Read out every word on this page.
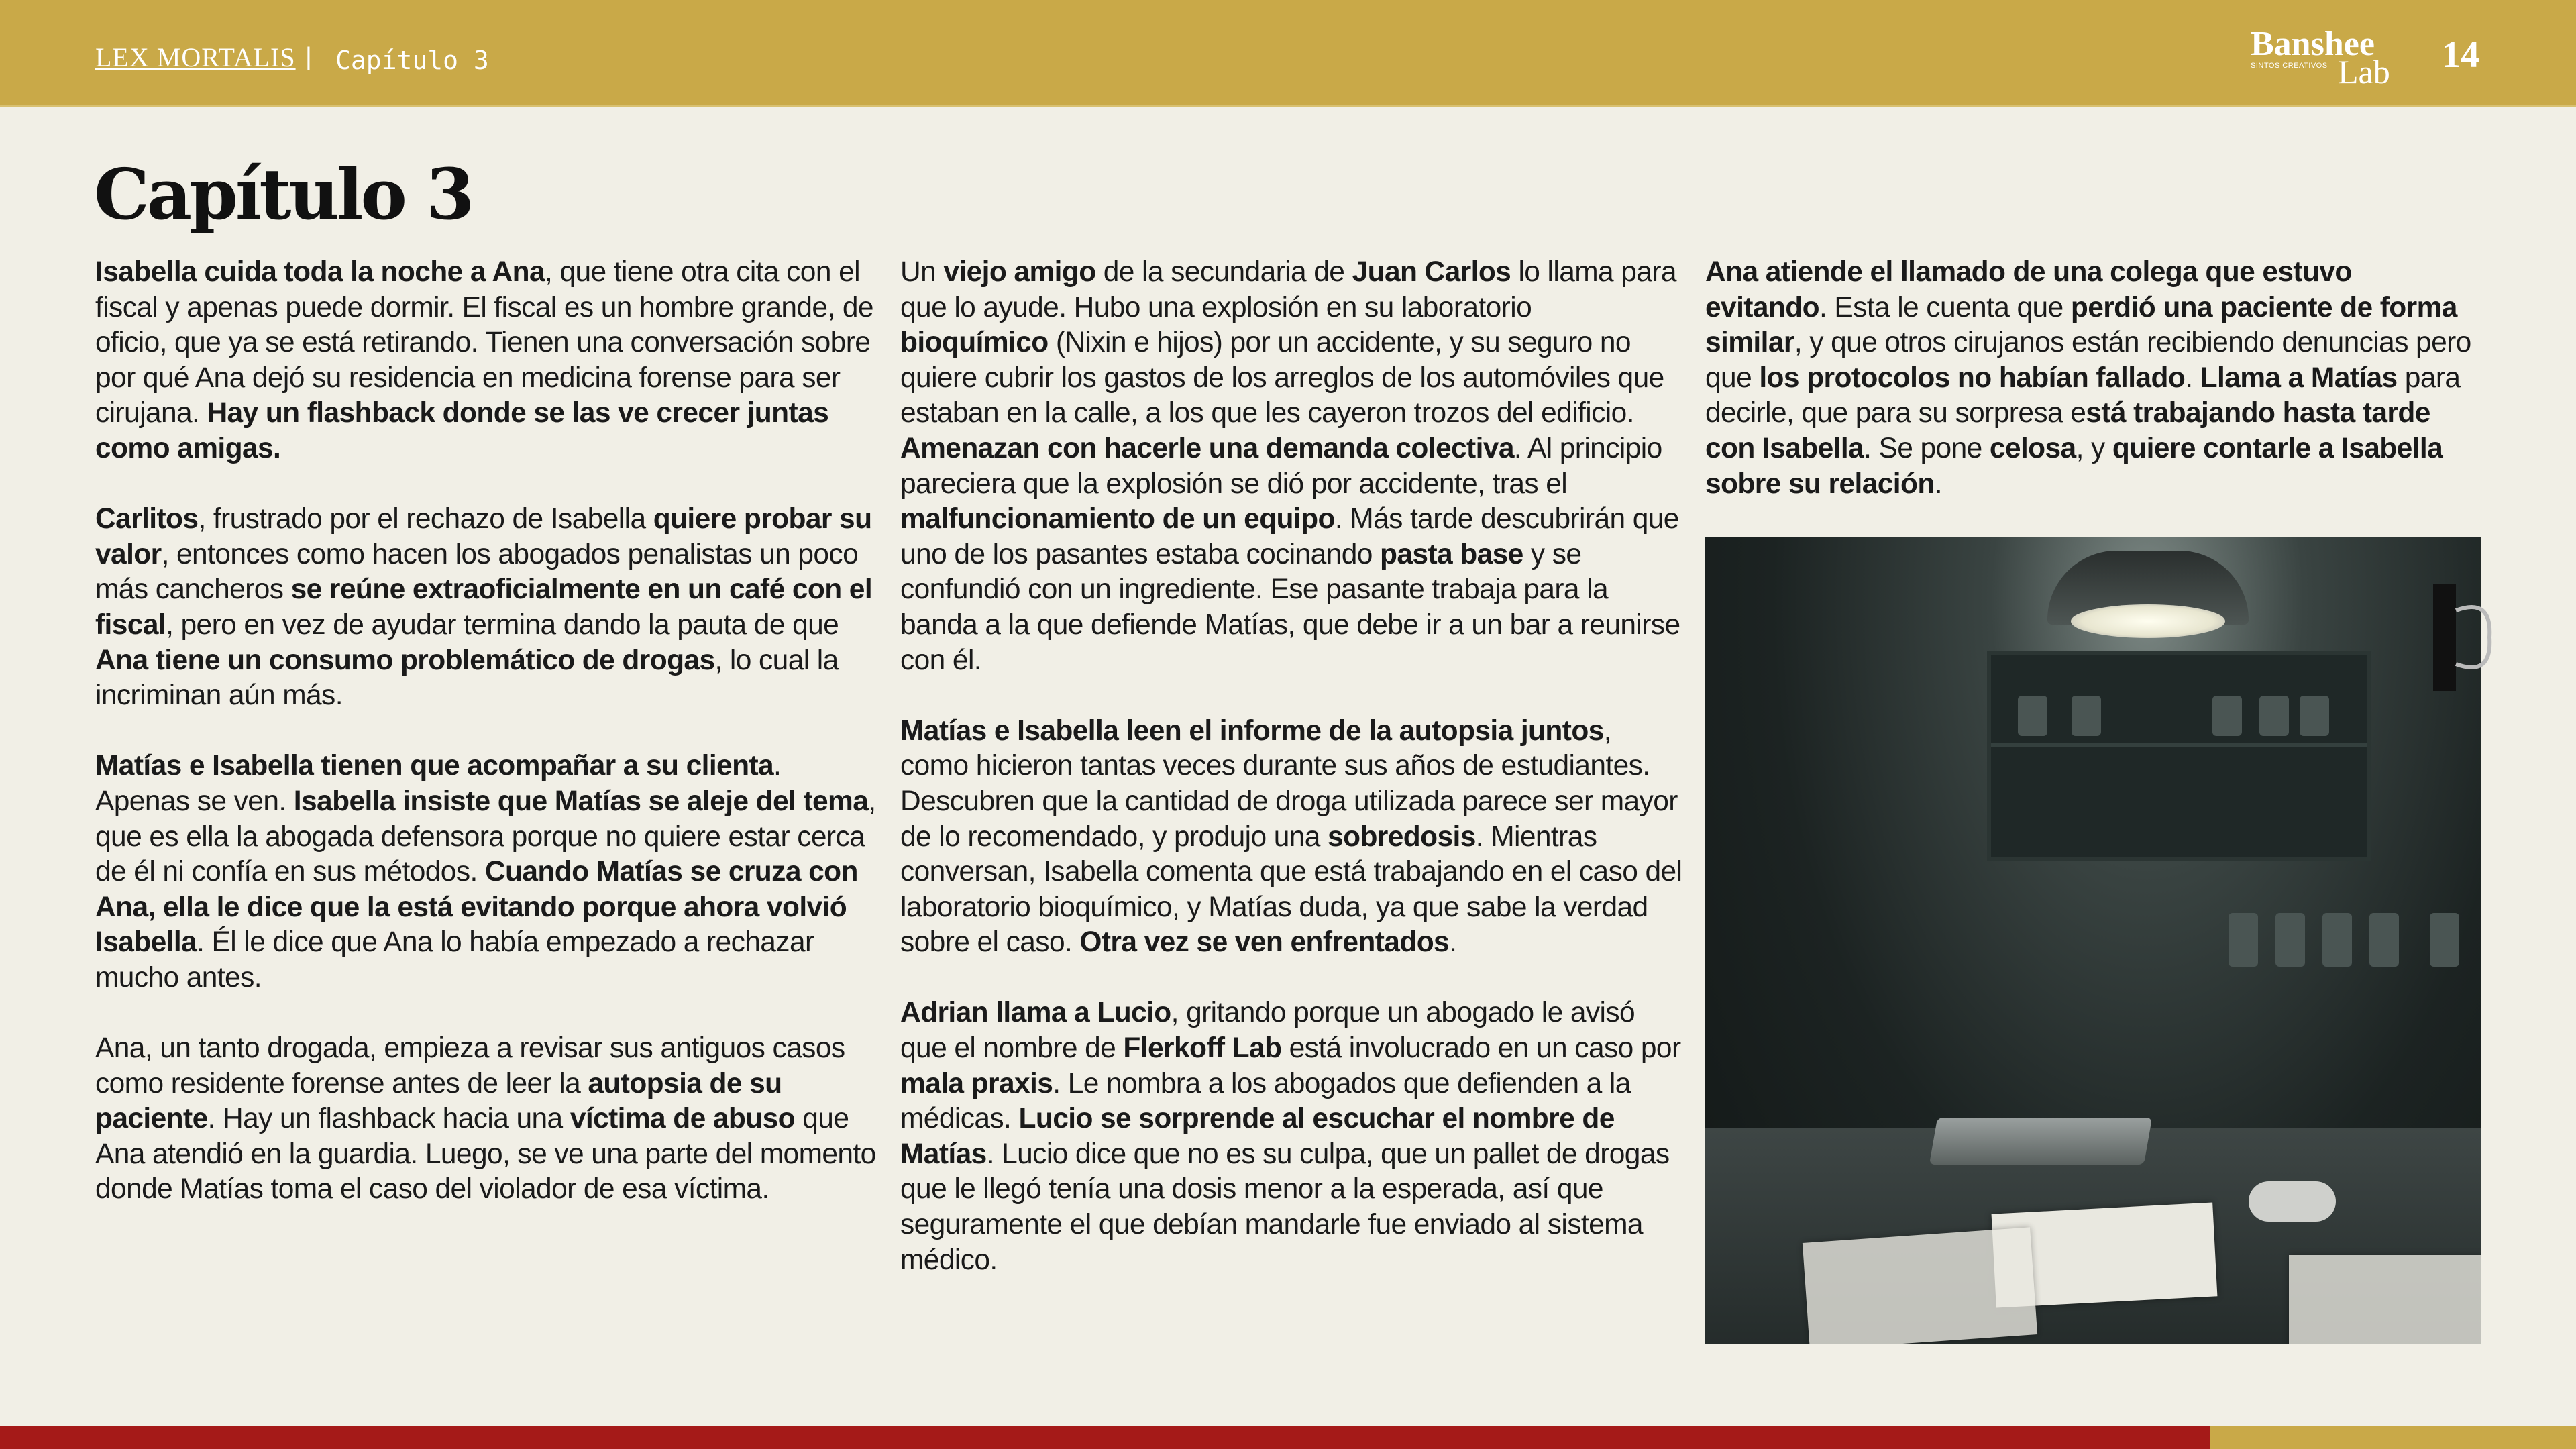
LEX MORTALIS | Capítulo 3	Banshee
SINTOS CREATIVOS Lab 14
Capítulo 3

Isabella cuida toda la noche a Ana, que tiene otra cita con el fiscal y apenas puede dormir. El fiscal es un hombre grande, de oficio, que ya se está retirando. Tienen una conversación sobre por qué Ana dejó su residencia en medicina forense para ser cirujana. Hay un flashback donde se las ve crecer juntas como amigas.

Carlitos, frustrado por el rechazo de Isabella quiere probar su valor, entonces como hacen los abogados penalistas un poco más cancheros se reúne extraoficialmente en un café con el fiscal, pero en vez de ayudar termina dando la pauta de que Ana tiene un consumo problemático de drogas, lo cual la incriminan aún más.

Matías e Isabella tienen que acompañar a su clienta. Apenas se ven. Isabella insiste que Matías se aleje del tema, que es ella la abogada defensora porque no quiere estar cerca de él ni confía en sus métodos. Cuando Matías se cruza con Ana, ella le dice que la está evitando porque ahora volvió Isabella. Él le dice que Ana lo había empezado a rechazar mucho antes.

Ana, un tanto drogada, empieza a revisar sus antiguos casos como residente forense antes de leer la autopsia de su paciente. Hay un flashback hacia una víctima de abuso que Ana atendió en la guardia. Luego, se ve una parte del momento donde Matías toma el caso del violador de esa víctima.

Un viejo amigo de la secundaria de Juan Carlos lo llama para que lo ayude. Hubo una explosión en su laboratorio bioquímico (Nixin e hijos) por un accidente, y su seguro no quiere cubrir los gastos de los arreglos de los automóviles que estaban en la calle, a los que les cayeron trozos del edificio. Amenazan con hacerle una demanda colectiva. Al principio pareciera que la explosión se dió por accidente, tras el malfuncionamiento de un equipo. Más tarde descubrirán que uno de los pasantes estaba cocinando pasta base y se confundió con un ingrediente. Ese pasante trabaja para la banda a la que defiende Matías, que debe ir a un bar a reunirse con él.

Matías e Isabella leen el informe de la autopsia juntos, como hicieron tantas veces durante sus años de estudiantes. Descubren que la cantidad de droga utilizada parece ser mayor de lo recomendado, y produjo una sobredosis. Mientras conversan, Isabella comenta que está trabajando en el caso del laboratorio bioquímico, y Matías duda, ya que sabe la verdad sobre el caso. Otra vez se ven enfrentados.

Adrian llama a Lucio, gritando porque un abogado le avisó que el nombre de Flerkoff Lab está involucrado en un caso por mala praxis. Le nombra a los abogados que defienden a la médicas. Lucio se sorprende al escuchar el nombre de Matías. Lucio dice que no es su culpa, que un pallet de drogas que le llegó tenía una dosis menor a la esperada, así que seguramente el que debían mandarle fue enviado al sistema médico.

Ana atiende el llamado de una colega que estuvo evitando. Esta le cuenta que perdió una paciente de forma similar, y que otros cirujanos están recibiendo denuncias pero que los protocolos no habían fallado. Llama a Matías para decirle, que para su sorpresa está trabajando hasta tarde con Isabella. Se pone celosa, y quiere contarle a Isabella sobre su relación.
